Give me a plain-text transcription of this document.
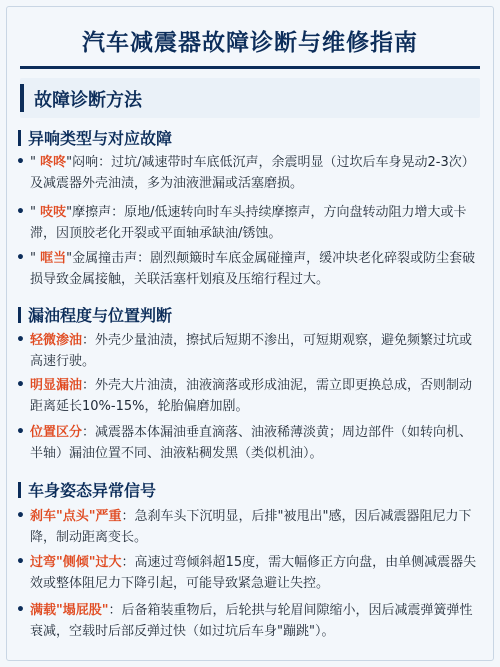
汽车减震器故障诊断与维修指南
故障诊断方法
异响类型与对应故障
• " 咚咚"闷响：过坑/减速带时车底低沉声，余震明显（过坎后车身晃动2-3次）及减震器外壳油渍，多为油液泄漏或活塞磨损。
• " 吱吱"摩擦声：原地/低速转向时车头持续摩擦声，方向盘转动阻力增大或卡滞，因顶胶老化开裂或平面轴承缺油/锈蚀。
• " 哐当"金属撞击声：剧烈颠簸时车底金属碰撞声，缓冲块老化碎裂或防尘套破损导致金属接触，关联活塞杆划痕及压缩行程过大。
漏油程度与位置判断
• 轻微渗油：外壳少量油渍，擦拭后短期不渗出，可短期观察，避免频繁过坑或高速行驶。
• 明显漏油：外壳大片油渍，油液滴落或形成油泥，需立即更换总成，否则制动距离延长10%-15%，轮胎偏磨加剧。
• 位置区分：减震器本体漏油垂直滴落、油液稀薄淡黄；周边部件（如转向机、半轴）漏油位置不同、油液粘稠发黑（类似机油）。
车身姿态异常信号
• 刹车"点头"严重：急刹车头下沉明显，后排"被甩出"感，因后减震器阻尼力下降，制动距离变长。
• 过弯"侧倾"过大：高速过弯倾斜超15度，需大幅修正方向盘，由单侧减震器失效或整体阻尼力下降引起，可能导致紧急避让失控。
• 满载"塌屁股"：后备箱装重物后，后轮拱与轮眉间隙缩小，因后减震弹簧弹性衰减，空载时后部反弹过快（如过坑后车身"蹦跳"）。
